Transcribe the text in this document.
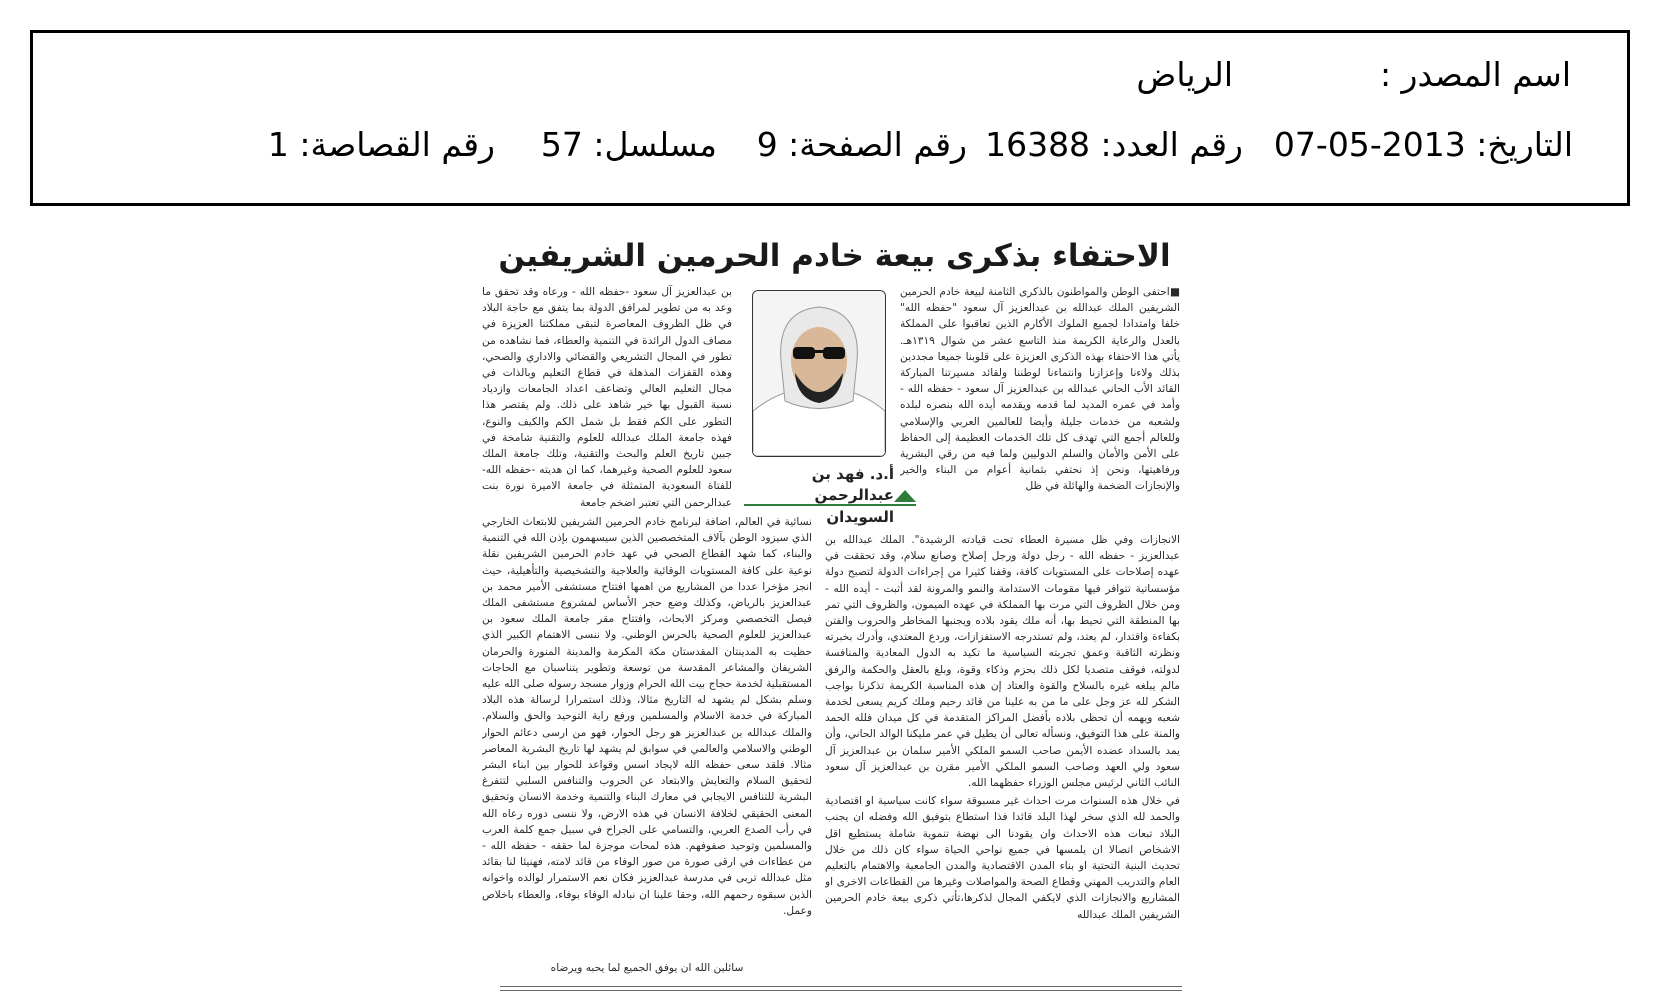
اسم المصدر :
الرياض
التاريخ: 2013-05-07
رقم العدد: 16388
رقم الصفحة: 9
مسلسل: 57
رقم القصاصة: 1
الاحتفاء بذكرى بيعة خادم الحرمين الشريفين

■احتفى الوطن والمواطنون بالذكرى الثامنة لبيعة خادم الحرمين الشريفين الملك عبدالله بن عبدالعزيز آل سعود "حفظه الله" خلفا وامتدادا لجميع الملوك الأكارم الذين تعاقبوا على المملكة بالعدل والرعاية الكريمة منذ التاسع عشر من شوال ١٣١٩هـ. يأتي هذا الاحتفاء بهذه الذكرى العزيزة على قلوبنا جميعا مجددين بذلك ولاءنا وإعزازنا وانتماءنا لوطننا ولقائد مسيرتنا المباركة القائد الأب الحاني عبدالله بن عبدالعزيز آل سعود - حفظه الله - وأمد في عمره المديد لما قدمه ويقدمه أيده الله بنصره لبلده ولشعبه من خدمات جليلة وأيضا للعالمين العربي والإسلامي وللعالم أجمع التي تهدف كل تلك الخدمات العظيمة إلى الحفاظ على الأمن والأمان والسلم الدوليين ولما فيه من رقي البشرية ورفاهيتها، ونحن إذ نحتفي بثمانية أعوام من البناء والخير والإنجازات الضخمة والهائلة في ظل

أ.د. فهد بن
عبدالرحمن السويدان

بن عبدالعزيز آل سعود -حفظه الله - ورعاه وقد تحقق ما وعد به من تطوير لمرافق الدولة بما يتفق مع حاجة البلاد في ظل الظروف المعاصرة لتبقى مملكتنا العزيزة في مصاف الدول الرائدة في التنمية والعطاء، فما نشاهده من تطور في المجال التشريعي والقضائي والاداري والصحي، وهذه القفزات المذهلة في قطاع التعليم وبالذات في مجال التعليم العالي وتضاعف اعداد الجامعات وازدياد نسبة القبول بها خير شاهد على ذلك. ولم يقتصر هذا التطور على الكم فقط بل شمل الكم والكيف والنوع، فهذه جامعة الملك عبدالله للعلوم والتقنية شامخة في جبين تاريخ العلم والبحث والتقنية، وتلك جامعة الملك سعود للعلوم الصحية وغيرهما، كما ان هديته -حفظه الله- للفتاة السعودية المتمثلة في جامعة الاميرة نورة بنت عبدالرحمن التي تعتبر اضخم جامعة

الانجازات وفي ظل مسيرة العطاء تحت قيادته الرشيدة". الملك عبدالله بن عبدالعزيز - حفظه الله - رجل دولة ورجل إصلاح وصانع سلام، وقد تحققت في عهده إصلاحات على المستويات كافة، وقفنا كثيرا من إجراءات الدولة لتصبح دولة مؤسساتية تتوافر فيها مقومات الاستدامة والنمو والمرونة لقد أثبت - أيده الله - ومن خلال الظروف التي مرت بها المملكة في عهده الميمون، والظروف التي تمر بها المنطقة التي تحيط بها، أنه ملك يقود بلاده ويجنبها المخاطر والحروب والفتن بكفاءة واقتدار، لم يعتد، ولم تستدرجه الاستفزازات، وردع المعتدي، وأدرك بخبرته ونظرته الثاقبة وعمق تجربته السياسية ما تكيد به الدول المعادية والمنافسة لدولته، فوقف متصديا لكل ذلك بحزم وذكاء وقوة، وبلغ بالعقل والحكمة والرفق مالم يبلغه غيره بالسلاح والقوة والعتاد إن هذه المناسبة الكريمة تذكرنا بواجب الشكر لله عز وجل على ما من به علينا من قائد رحيم وملك كريم يسعى لخدمة شعبه ويهمه أن تحظى بلاده بأفضل المراكز المتقدمة في كل ميدان فلله الحمد والمنة على هذا التوفيق، ونسأله تعالى أن يطيل في عمر مليكنا الوالد الحاني، وأن يمد بالسداد عضده الأيمن صاحب السمو الملكي الأمير سلمان بن عبدالعزيز آل سعود ولي العهد وصاحب السمو الملكي الأمير مقرن بن عبدالعزيز آل سعود النائب الثاني لرئيس مجلس الوزراء حفظهما الله.

في خلال هذه السنوات مرت احداث غير مسبوقة سواء كانت سياسية او اقتصادية والحمد لله الذي سخر لهذا البلد قائدا فذا استطاع بتوفيق الله وفضله ان يجنب البلاد تبعات هذه الاحداث وان يقودنا الى نهضة تنموية شاملة يستطيع اقل الاشخاص اتصالا ان يلمسها في جميع نواحي الحياة سواء كان ذلك من خلال تحديث البنية التحتية او بناء المدن الاقتصادية والمدن الجامعية والاهتمام بالتعليم العام والتدريب المهني وقطاع الصحة والمواصلات وغيرها من القطاعات الاخرى او المشاريع والانجازات الذي لايكفي المجال لذكرها،تأتي ذكرى بيعة خادم الحرمين الشريفين الملك عبدالله

نسائية في العالم، اضافة لبرنامج خادم الحرمين الشريفين للابتعاث الخارجي الذي سيزود الوطن بآلاف المتخصصين الذين سيسهمون بإذن الله في التنمية والبناء، كما شهد القطاع الصحي في عهد خادم الحرمين الشريفين نقلة نوعية على كافة المستويات الوقائية والعلاجية والتشخيصية والتأهيلية، حيث انجز مؤخرا عددا من المشاريع من اهمها افتتاح مستشفى الأمير محمد بن عبدالعزيز بالرياض، وكذلك وضع حجر الأساس لمشروع مستشفى الملك فيصل التخصصي ومركز الابحاث، وافتتاح مقر جامعة الملك سعود بن عبدالعزيز للعلوم الصحية بالحرس الوطني. ولا ننسى الاهتمام الكبير الذي حظيت به المدينتان المقدستان مكة المكرمة والمدينة المنورة والحرمان الشريفان والمشاعر المقدسة من توسعة وتطوير يتناسبان مع الحاجات المستقبلية لخدمة حجاج بيت الله الحرام وزوار مسجد رسوله صلى الله عليه وسلم بشكل لم يشهد له التاريخ مثالا، وذلك استمرارا لرسالة هذه البلاد المباركة في خدمة الاسلام والمسلمين ورفع راية التوحيد والحق والسلام. والملك عبدالله بن عبدالعزيز هو رجل الحوار، فهو من ارسى دعائم الحوار الوطني والاسلامي والعالمي في سوابق لم يشهد لها تاريخ البشرية المعاصر مثالا. فلقد سعى حفظه الله لايجاد اسس وقواعد للحوار بين ابناء البشر لتحقيق السلام والتعايش والابتعاد عن الحروب والتنافس السلبي لتتفرغ البشرية للتنافس الايجابي في معارك البناء والتنمية وخدمة الانسان وتحقيق المعنى الحقيقي لخلافة الانسان في هذه الارض، ولا ننسى دوره رعاه الله في رأب الصدع العربي، والتسامي على الجراح في سبيل جمع كلمة العرب والمسلمين وتوحيد صفوفهم. هذه لمحات موجزة لما حققه - حفظه الله - من عطاءات في ارقى صورة من صور الوفاء من قائد لامته، فهنيئا لنا بقائد مثل عبدالله تربى في مدرسة عبدالعزيز فكان نعم الاستمرار لوالده واخوانه الذين سبقوه رحمهم الله، وحقا علينا ان نبادله الوفاء بوفاء، والعطاء باخلاص وعمل.

سائلين الله ان يوفق الجميع لما يحبه ويرضاه
